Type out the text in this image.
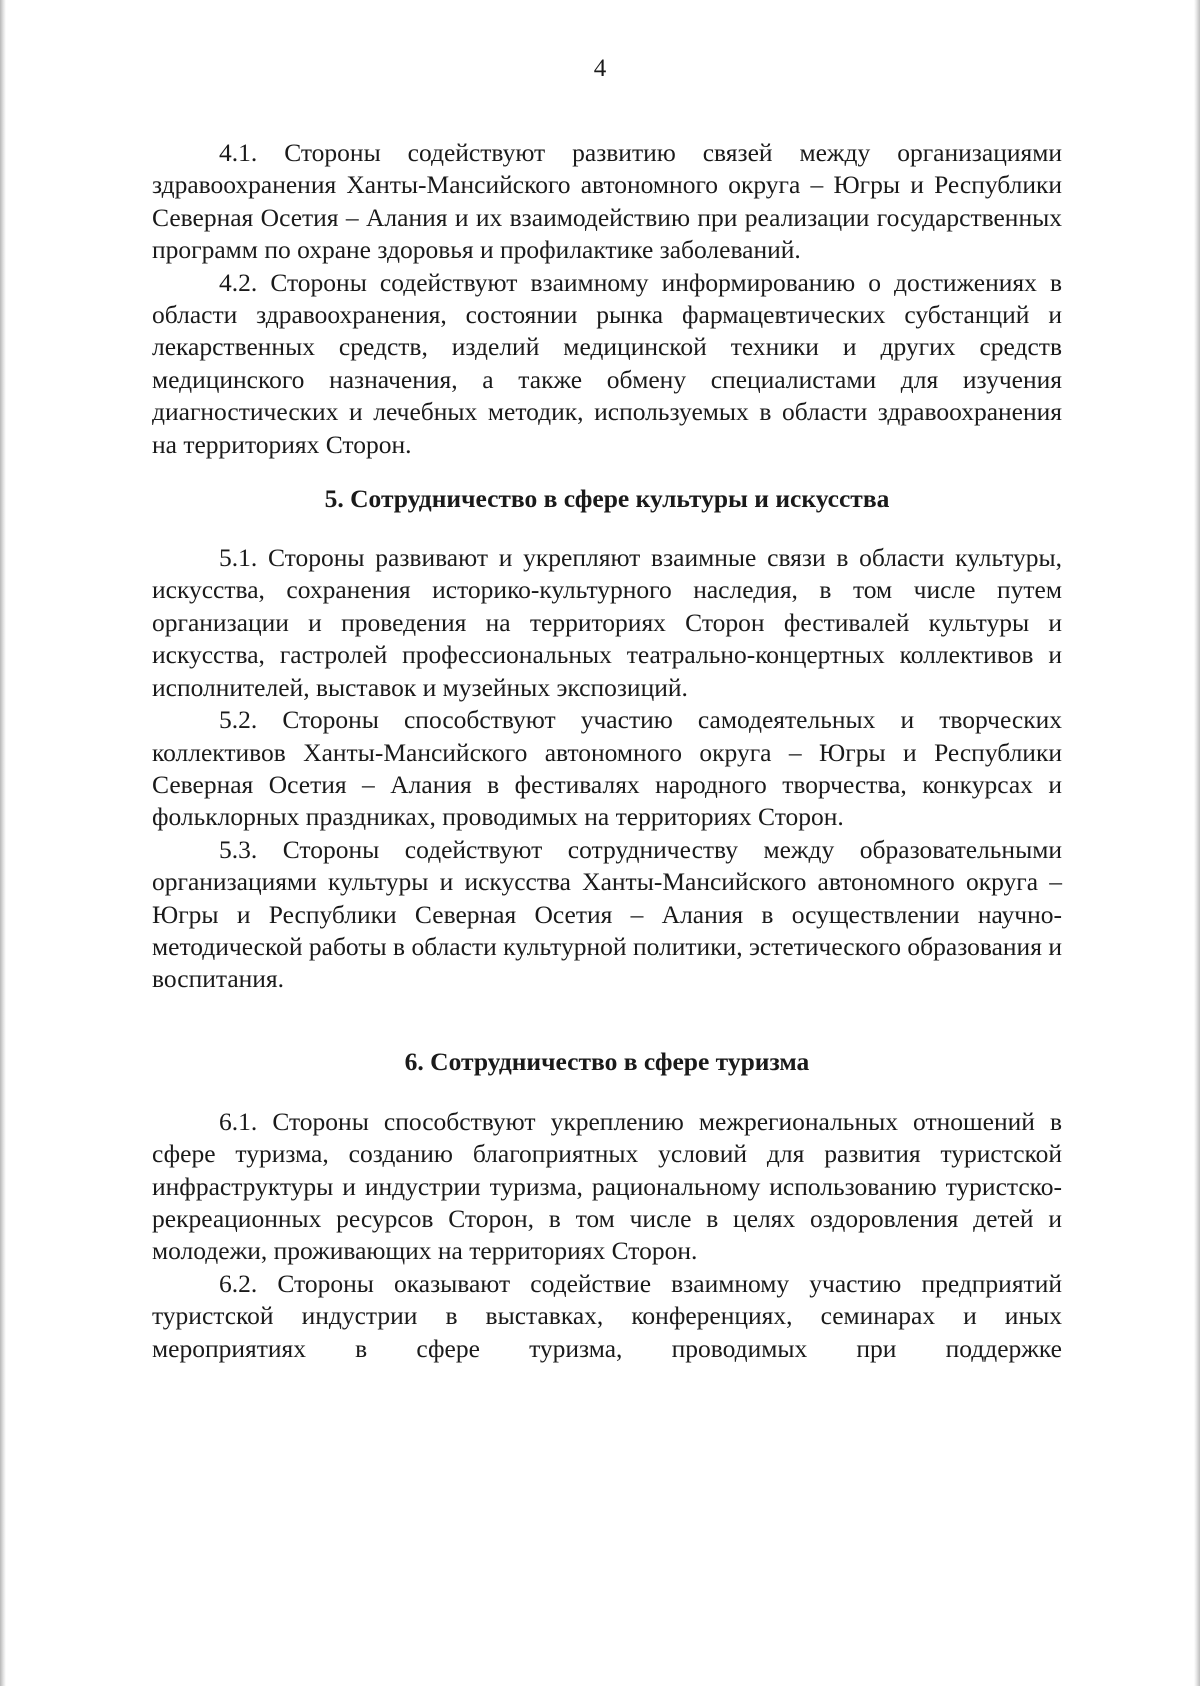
4

4.1. Стороны содействуют развитию связей между организациями здравоохранения Ханты-Мансийского автономного округа – Югры и Республики Северная Осетия – Алания и их взаимодействию при реализации государственных программ по охране здоровья и профилактике заболеваний.

4.2. Стороны содействуют взаимному информированию о достижениях в области здравоохранения, состоянии рынка фармацевтических субстанций и лекарственных средств, изделий медицинской техники и других средств медицинского назначения, а также обмену специалистами для изучения диагностических и лечебных методик, используемых в области здравоохранения на территориях Сторон.

5. Сотрудничество в сфере культуры и искусства

5.1. Стороны развивают и укрепляют взаимные связи в области культуры, искусства, сохранения историко-культурного наследия, в том числе путем организации и проведения на территориях Сторон фестивалей культуры и искусства, гастролей профессиональных театрально-концертных коллективов и исполнителей, выставок и музейных экспозиций.

5.2. Стороны способствуют участию самодеятельных и творческих коллективов Ханты-Мансийского автономного округа – Югры и Республики Северная Осетия – Алания в фестивалях народного творчества, конкурсах и фольклорных праздниках, проводимых на территориях Сторон.

5.3. Стороны содействуют сотрудничеству между образовательными организациями культуры и искусства Ханты-Мансийского автономного округа – Югры и Республики Северная Осетия – Алания в осуществлении научно-методической работы в области культурной политики, эстетического образования и воспитания.

6. Сотрудничество в сфере туризма

6.1. Стороны способствуют укреплению межрегиональных отношений в сфере туризма, созданию благоприятных условий для развития туристской инфраструктуры и индустрии туризма, рациональному использованию туристско-рекреационных ресурсов Сторон, в том числе в целях оздоровления детей и молодежи, проживающих на территориях Сторон.

6.2. Стороны оказывают содействие взаимному участию предприятий туристской индустрии в выставках, конференциях, семинарах и иных мероприятиях в сфере туризма, проводимых при поддержке
